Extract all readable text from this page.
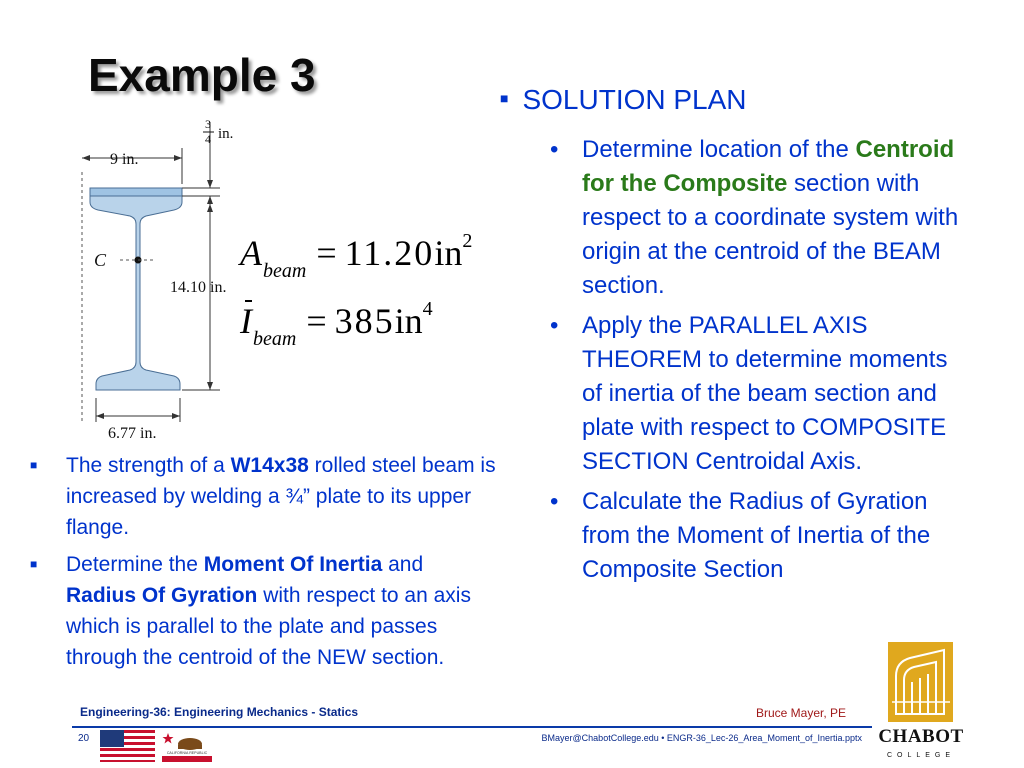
Example 3
9 in.
3
4 in.
14.10 in.
C
6.77 in.
$A_{beam} = 11.20in^2$
$I_{beam} = 385in^4$
■ The strength of a W14x38 rolled steel beam is increased by welding a ¾” plate to its upper flange.
■ Determine the Moment Of Inertia and Radius Of Gyration with respect to an axis which is parallel to the plate and passes through the centroid of the NEW section.
■ SOLUTION PLAN
• Determine location of the Centroid for the Composite section with respect to a coordinate system with origin at the centroid of the BEAM section.
• Apply the PARALLEL AXIS THEOREM to determine moments of inertia of the beam section and plate with respect to COMPOSITE SECTION Centroidal Axis.
• Calculate the Radius of Gyration from the Moment of Inertia of the Composite Section
CHABOT
COLLEGE
Engineering-36: Engineering Mechanics - Statics	Bruce Mayer, PE
20
CALIFORNIA REPUBLIC
BMayer@ChabotCollege.edu • ENGR-36_Lec-26_Area_Moment_of_Inertia.pptx
